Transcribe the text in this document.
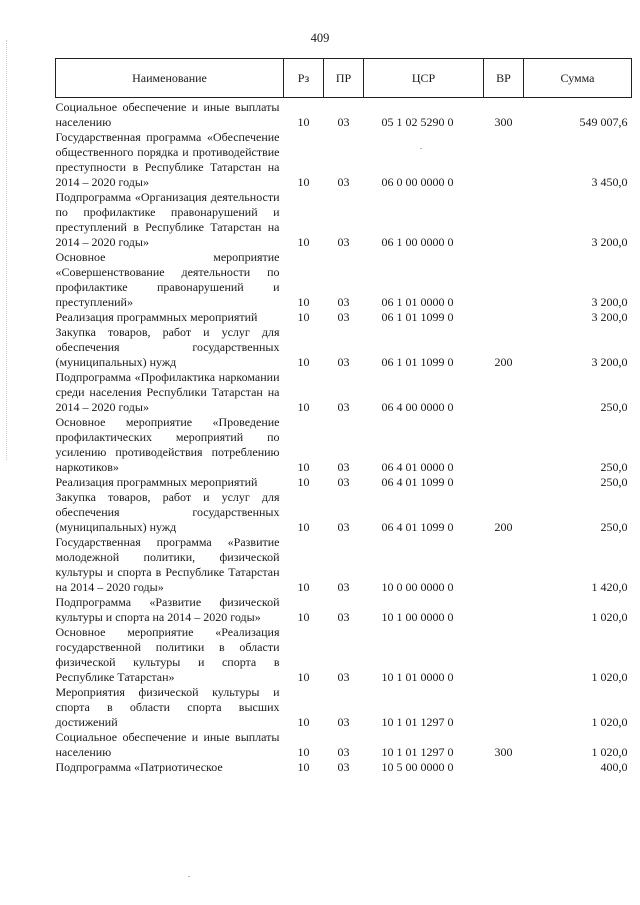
409
Наименование	Рз	ПР	ЦСР	ВР	Сумма
Социальное обеспечение и иные выплаты населению	10	03	05 1 02 5290 0	300	549 007,6
Государственная программа «Обеспечение общественного порядка и противодействие преступности в Республике Татарстан на 2014 – 2020 годы»	10	03	06 0 00 0000 0		3 450,0
Подпрограмма «Организация деятельности по профилактике правонарушений и преступлений в Республике Татарстан на 2014 – 2020 годы»	10	03	06 1 00 0000 0		3 200,0
Основное мероприятие «Совершенствование деятельности по профилактике правонарушений и преступлений»	10	03	06 1 01 0000 0		3 200,0
Реализация программных мероприятий	10	03	06 1 01 1099 0		3 200,0
Закупка товаров, работ и услуг для обеспечения государственных (муниципальных) нужд	10	03	06 1 01 1099 0	200	3 200,0
Подпрограмма «Профилактика наркомании среди населения Республики Татарстан на 2014 – 2020 годы»	10	03	06 4 00 0000 0		250,0
Основное мероприятие «Проведение профилактических мероприятий по усилению противодействия потреблению наркотиков»	10	03	06 4 01 0000 0		250,0
Реализация программных мероприятий	10	03	06 4 01 1099 0		250,0
Закупка товаров, работ и услуг для обеспечения государственных (муниципальных) нужд	10	03	06 4 01 1099 0	200	250,0
Государственная программа «Развитие молодежной политики, физической культуры и спорта в Республике Татарстан на 2014 – 2020 годы»	10	03	10 0 00 0000 0		1 420,0
Подпрограмма «Развитие физической культуры и спорта на 2014 – 2020 годы»	10	03	10 1 00 0000 0		1 020,0
Основное мероприятие «Реализация государственной политики в области физической культуры и спорта в Республике Татарстан»	10	03	10 1 01 0000 0		1 020,0
Мероприятия физической культуры и спорта в области спорта высших достижений	10	03	10 1 01 1297 0		1 020,0
Социальное обеспечение и иные выплаты населению	10	03	10 1 01 1297 0	300	1 020,0
Подпрограмма «Патриотическое	10	03	10 5 00 0000 0		400,0
